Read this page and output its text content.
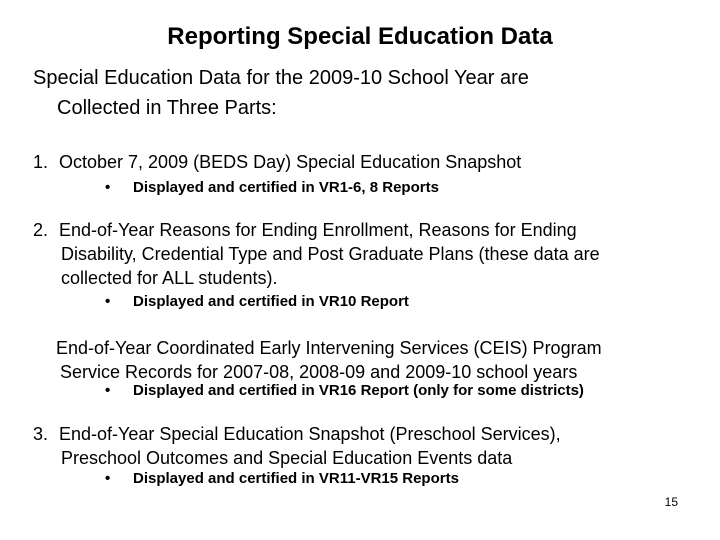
Reporting Special Education Data
Special Education Data for the 2009-10 School Year are
Collected in Three Parts:
1. October 7, 2009 (BEDS Day) Special Education Snapshot
• Displayed and certified in VR1-6, 8 Reports
2. End-of-Year Reasons for Ending Enrollment, Reasons for Ending
Disability, Credential Type and Post Graduate Plans (these data are
collected for ALL students).
• Displayed and certified in VR10 Report
End-of-Year Coordinated Early Intervening Services (CEIS) Program
Service Records for 2007-08, 2008-09 and 2009-10 school years
• Displayed and certified in VR16 Report (only for some districts)
3. End-of-Year Special Education Snapshot (Preschool Services),
Preschool Outcomes and Special Education Events data
• Displayed and certified in VR11-VR15 Reports
15
